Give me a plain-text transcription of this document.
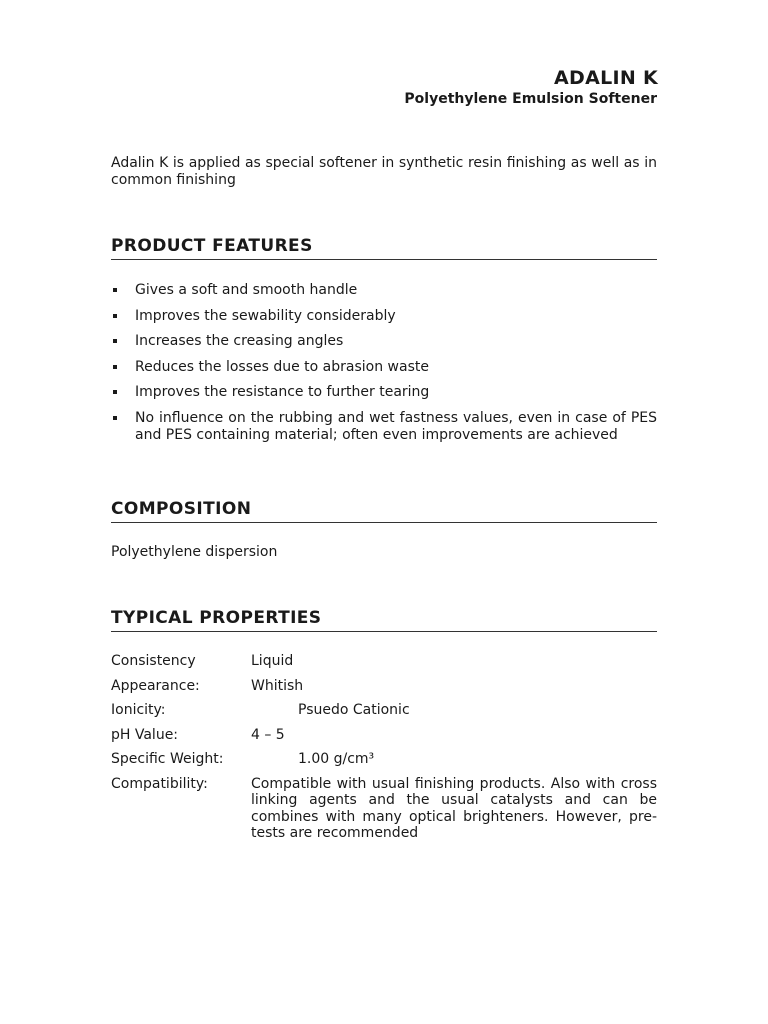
ADALIN K
Polyethylene Emulsion Softener

Adalin K is applied as special softener in synthetic resin finishing as well as in common finishing

PRODUCT FEATURES
Gives a soft and smooth handle
Improves the sewability considerably
Increases the creasing angles
Reduces the losses due to abrasion waste
Improves the resistance to further tearing
No influence on the rubbing and wet fastness values, even in case of PES and PES containing material; often even improvements are achieved
COMPOSITION

Polyethylene dispersion

TYPICAL PROPERTIES
Consistency	Liquid
Appearance:	Whitish
Ionicity:	Psuedo Cationic
pH Value:	4 – 5
Specific Weight:	1.00 g/cm³
Compatibility:	Compatible with usual finishing products. Also with cross linking agents and the usual catalysts and can be combines with many optical brighteners. However, pre-tests are recommended
